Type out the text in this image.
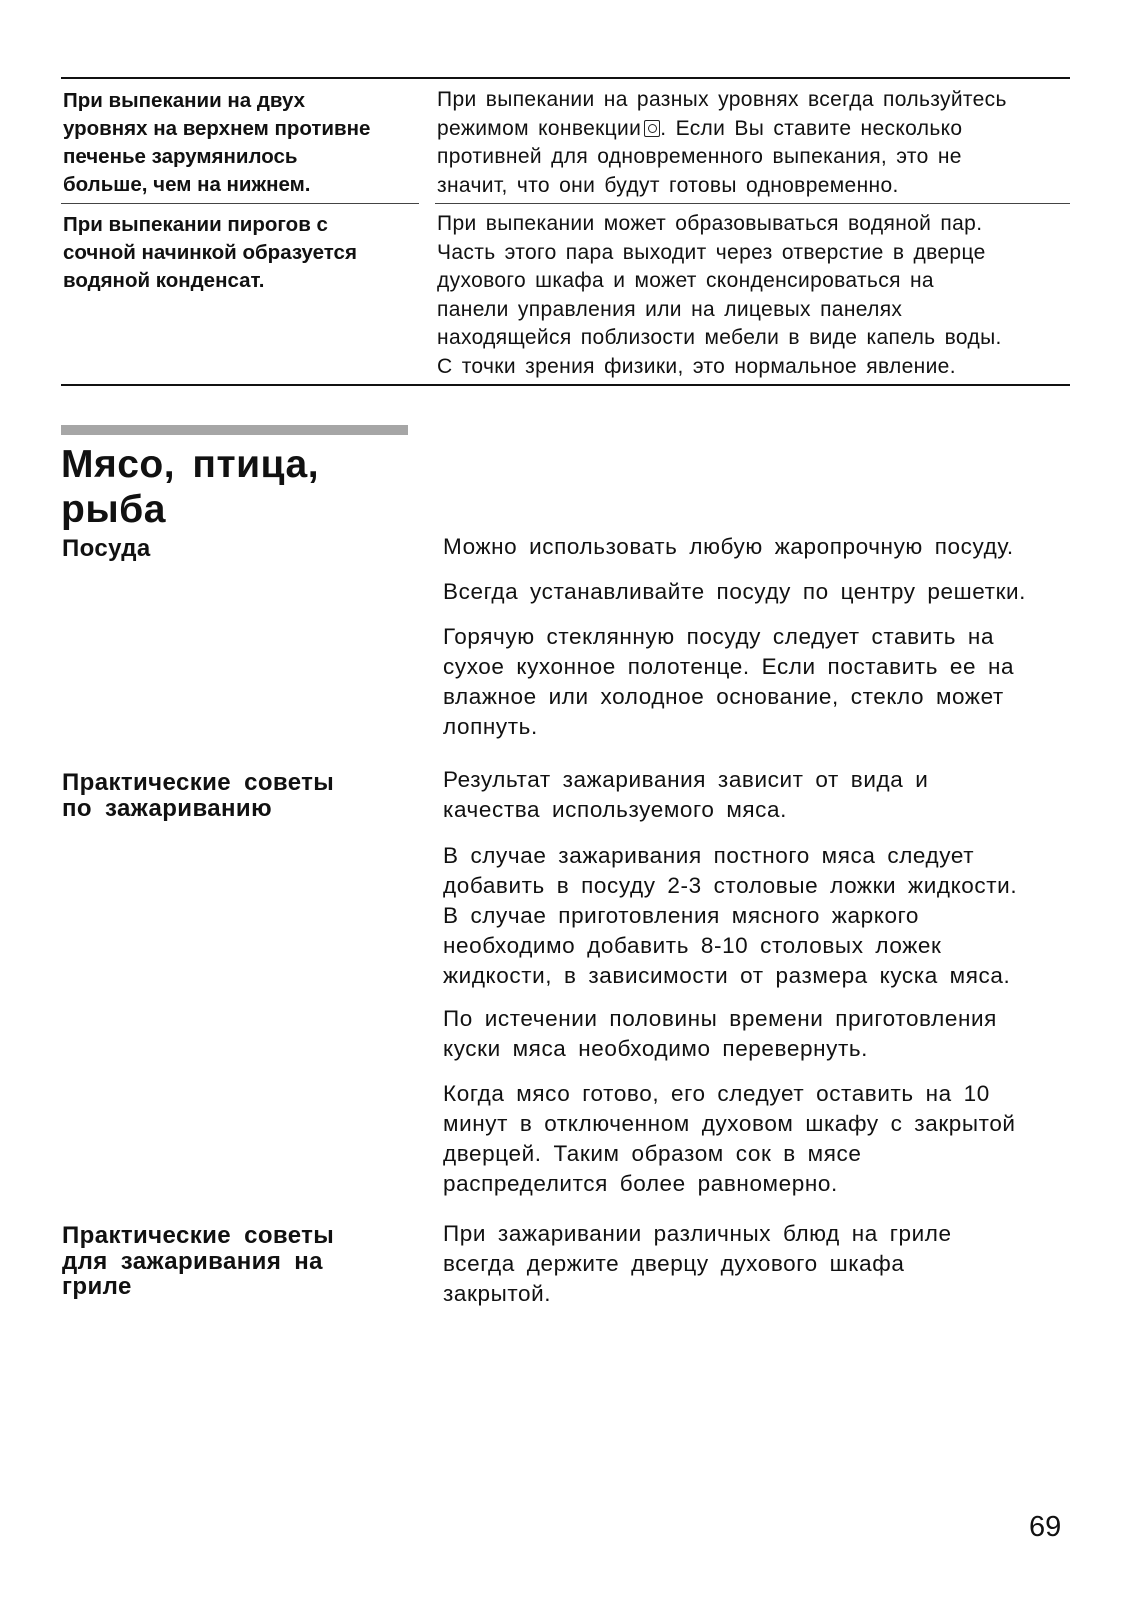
При выпекании на двух
уровнях на верхнем противне
печенье зарумянилось
больше, чем на нижнем.
При выпекании на разных уровнях всегда пользуйтесь
режимом конвекции . Если Вы ставите несколько
противней для одновременного выпекания, это не
значит, что они будут готовы одновременно.
При выпекании пирогов с
сочной начинкой образуется
водяной конденсат.
При выпекании может образовываться водяной пар.
Часть этого пара выходит через отверстие в дверце
духового шкафа и может сконденсироваться на
панели управления или на лицевых панелях
находящейся поблизости мебели в виде капель воды.
С точки зрения физики, это нормальное явление.
Мясо, птица,
рыба
Посуда	Можно использовать любую жаропрочную посуду.
Всегда устанавливайте посуду по центру решетки.
Горячую стеклянную посуду следует ставить на
сухое кухонное полотенце. Если поставить ее на
влажное или холодное основание, стекло может
лопнуть.
Практические советы
по зажариванию
Результат зажаривания зависит от вида и
качества используемого мяса.
В случае зажаривания постного мяса следует
добавить в посуду 2-3 столовые ложки жидкости.
В случае приготовления мясного жаркого
необходимо добавить 8-10 столовых ложек
жидкости, в зависимости от размера куска мяса.
По истечении половины времени приготовления
куски мяса необходимо перевернуть.
Когда мясо готово, его следует оставить на 10
минут в отключенном духовом шкафу с закрытой
дверцей. Таким образом сок в мясе
распределится более равномерно.
Практические советы
для зажаривания на
гриле
При зажаривании различных блюд на гриле
всегда держите дверцу духового шкафа
закрытой.
69
